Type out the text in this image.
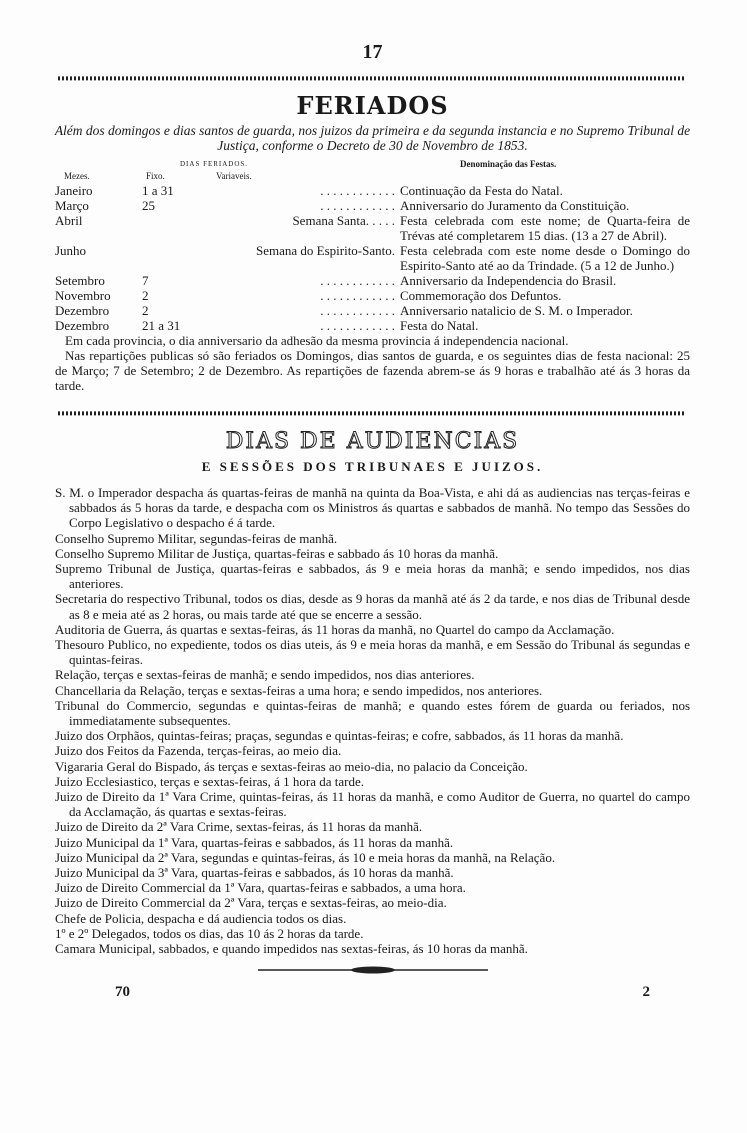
17
FERIADOS
Além dos domingos e dias santos de guarda, nos juizos da primeira e da segunda instancia e no Supremo Tribunal de Justiça, conforme o Decreto de 30 de Novembro de 1853.
DIAS FERIADOS.	Denominação das Festas.
Mezes.	Fixo.	Variaveis.
Janeiro	1 a 31	. . . . . . . . . . . . Continuação da Festa do Natal.
Março	25	. . . . . . . . . . . . Anniversario do Juramento da Constituição.
Abril	Semana Santa. . . . . Festa celebrada com este nome; de Quarta-feira de Trévas até completarem 15 dias. (13 a 27 de Abril).
Junho	Semana do Espirito-Santo. Festa celebrada com este nome desde o Domingo do Espirito-Santo até ao da Trindade. (5 a 12 de Junho.)
Setembro	7	. . . . . . . . . . . . Anniversario da Independencia do Brasil.
Novembro	2	. . . . . . . . . . . . Commemoração dos Defuntos.
Dezembro	2	. . . . . . . . . . . . Anniversario natalicio de S. M. o Imperador.
Dezembro	21 a 31	. . . . . . . . . . . . Festa do Natal.
Em cada provincia, o dia anniversario da adhesão da mesma provincia á independencia nacional.
Nas repartições publicas só são feriados os Domingos, dias santos de guarda, e os seguintes dias de festa nacional: 25 de Março; 7 de Setembro; 2 de Dezembro. As repartições de fazenda abrem-se ás 9 horas e trabalhão até ás 3 horas da tarde.
DIAS DE AUDIENCIAS
E SESSÕES DOS TRIBUNAES E JUIZOS.
S. M. o Imperador despacha ás quartas-feiras de manhã na quinta da Boa-Vista, e ahi dá as audiencias nas terças-feiras e sabbados ás 5 horas da tarde, e despacha com os Ministros ás quartas e sabbados de manhã. No tempo das Sessões do Corpo Legislativo o despacho é á tarde.
Conselho Supremo Militar, segundas-feiras de manhã.
Conselho Supremo Militar de Justiça, quartas-feiras e sabbado ás 10 horas da manhã.
Supremo Tribunal de Justiça, quartas-feiras e sabbados, ás 9 e meia horas da manhã; e sendo impedidos, nos dias anteriores.
Secretaria do respectivo Tribunal, todos os dias, desde as 9 horas da manhã até ás 2 da tarde, e nos dias de Tribunal desde as 8 e meia até as 2 horas, ou mais tarde até que se encerre a sessão.
Auditoria de Guerra, ás quartas e sextas-feiras, ás 11 horas da manhã, no Quartel do campo da Acclamação.
Thesouro Publico, no expediente, todos os dias uteis, ás 9 e meia horas da manhã, e em Sessão do Tribunal ás segundas e quintas-feiras.
Relação, terças e sextas-feiras de manhã; e sendo impedidos, nos dias anteriores.
Chancellaria da Relação, terças e sextas-feiras a uma hora; e sendo impedidos, nos anteriores.
Tribunal do Commercio, segundas e quintas-feiras de manhã; e quando estes fórem de guarda ou feriados, nos immediatamente subsequentes.
Juizo dos Orphãos, quintas-feiras; praças, segundas e quintas-feiras; e cofre, sabbados, ás 11 horas da manhã.
Juizo dos Feitos da Fazenda, terças-feiras, ao meio dia.
Vigararia Geral do Bispado, ás terças e sextas-feiras ao meio-dia, no palacio da Conceição.
Juizo Ecclesiastico, terças e sextas-feiras, á 1 hora da tarde.
Juizo de Direito da 1ª Vara Crime, quintas-feiras, ás 11 horas da manhã, e como Auditor de Guerra, no quartel do campo da Acclamação, ás quartas e sextas-feiras.
Juizo de Direito da 2ª Vara Crime, sextas-feiras, ás 11 horas da manhã.
Juizo Municipal da 1ª Vara, quartas-feiras e sabbados, ás 11 horas da manhã.
Juizo Municipal da 2ª Vara, segundas e quintas-feiras, ás 10 e meia horas da manhã, na Relação.
Juizo Municipal da 3ª Vara, quartas-feiras e sabbados, ás 10 horas da manhã.
Juizo de Direito Commercial da 1ª Vara, quartas-feiras e sabbados, a uma hora.
Juizo de Direito Commercial da 2ª Vara, terças e sextas-feiras, ao meio-dia.
Chefe de Policia, despacha e dá audiencia todos os dias.
1º e 2º Delegados, todos os dias, das 10 ás 2 horas da tarde.
Camara Municipal, sabbados, e quando impedidos nas sextas-feiras, ás 10 horas da manhã.
70	2
